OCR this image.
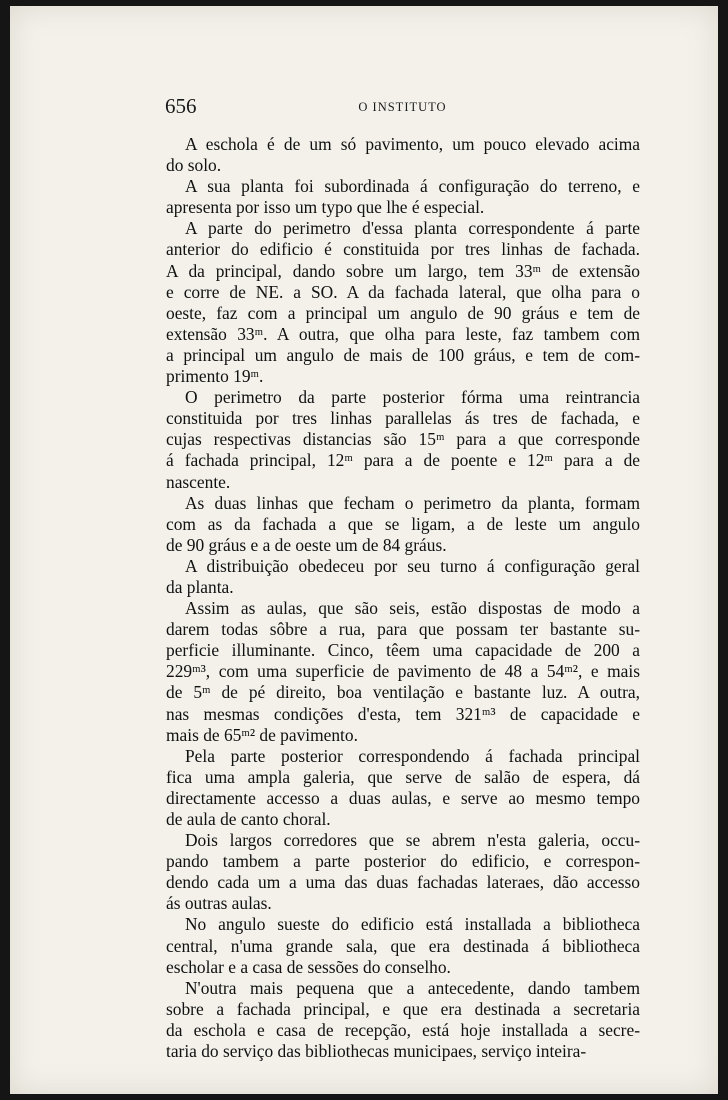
656	O INSTITUTO
A eschola é de um só pavimento, um pouco elevado acima
do solo.
A sua planta foi subordinada á configuração do terreno, e
apresenta por isso um typo que lhe é especial.
A parte do perimetro d'essa planta correspondente á parte
anterior do edificio é constituida por tres linhas de fachada.
A da principal, dando sobre um largo, tem 33ᵐ de extensão
e corre de NE. a SO. A da fachada lateral, que olha para o
oeste, faz com a principal um angulo de 90 gráus e tem de
extensão 33ᵐ. A outra, que olha para leste, faz tambem com
a principal um angulo de mais de 100 gráus, e tem de com-
primento 19ᵐ.
O perimetro da parte posterior fórma uma reintrancia
constituida por tres linhas parallelas ás tres de fachada, e
cujas respectivas distancias são 15ᵐ para a que corresponde
á fachada principal, 12ᵐ para a de poente e 12ᵐ para a de
nascente.
As duas linhas que fecham o perimetro da planta, formam
com as da fachada a que se ligam, a de leste um angulo
de 90 gráus e a de oeste um de 84 gráus.
A distribuição obedeceu por seu turno á configuração geral
da planta.
Assim as aulas, que são seis, estão dispostas de modo a
darem todas sôbre a rua, para que possam ter bastante su-
perficie illuminante. Cinco, têem uma capacidade de 200 a
229ᵐ³, com uma superficie de pavimento de 48 a 54ᵐ², e mais
de 5ᵐ de pé direito, boa ventilação e bastante luz. A outra,
nas mesmas condições d'esta, tem 321ᵐ³ de capacidade e
mais de 65ᵐ² de pavimento.
Pela parte posterior correspondendo á fachada principal
fica uma ampla galeria, que serve de salão de espera, dá
directamente accesso a duas aulas, e serve ao mesmo tempo
de aula de canto choral.
Dois largos corredores que se abrem n'esta galeria, occu-
pando tambem a parte posterior do edificio, e correspon-
dendo cada um a uma das duas fachadas lateraes, dão accesso
ás outras aulas.
No angulo sueste do edificio está installada a bibliotheca
central, n'uma grande sala, que era destinada á bibliotheca
escholar e a casa de sessões do conselho.
N'outra mais pequena que a antecedente, dando tambem
sobre a fachada principal, e que era destinada a secretaria
da eschola e casa de recepção, está hoje installada a secre-
taria do serviço das bibliothecas municipaes, serviço inteira-
